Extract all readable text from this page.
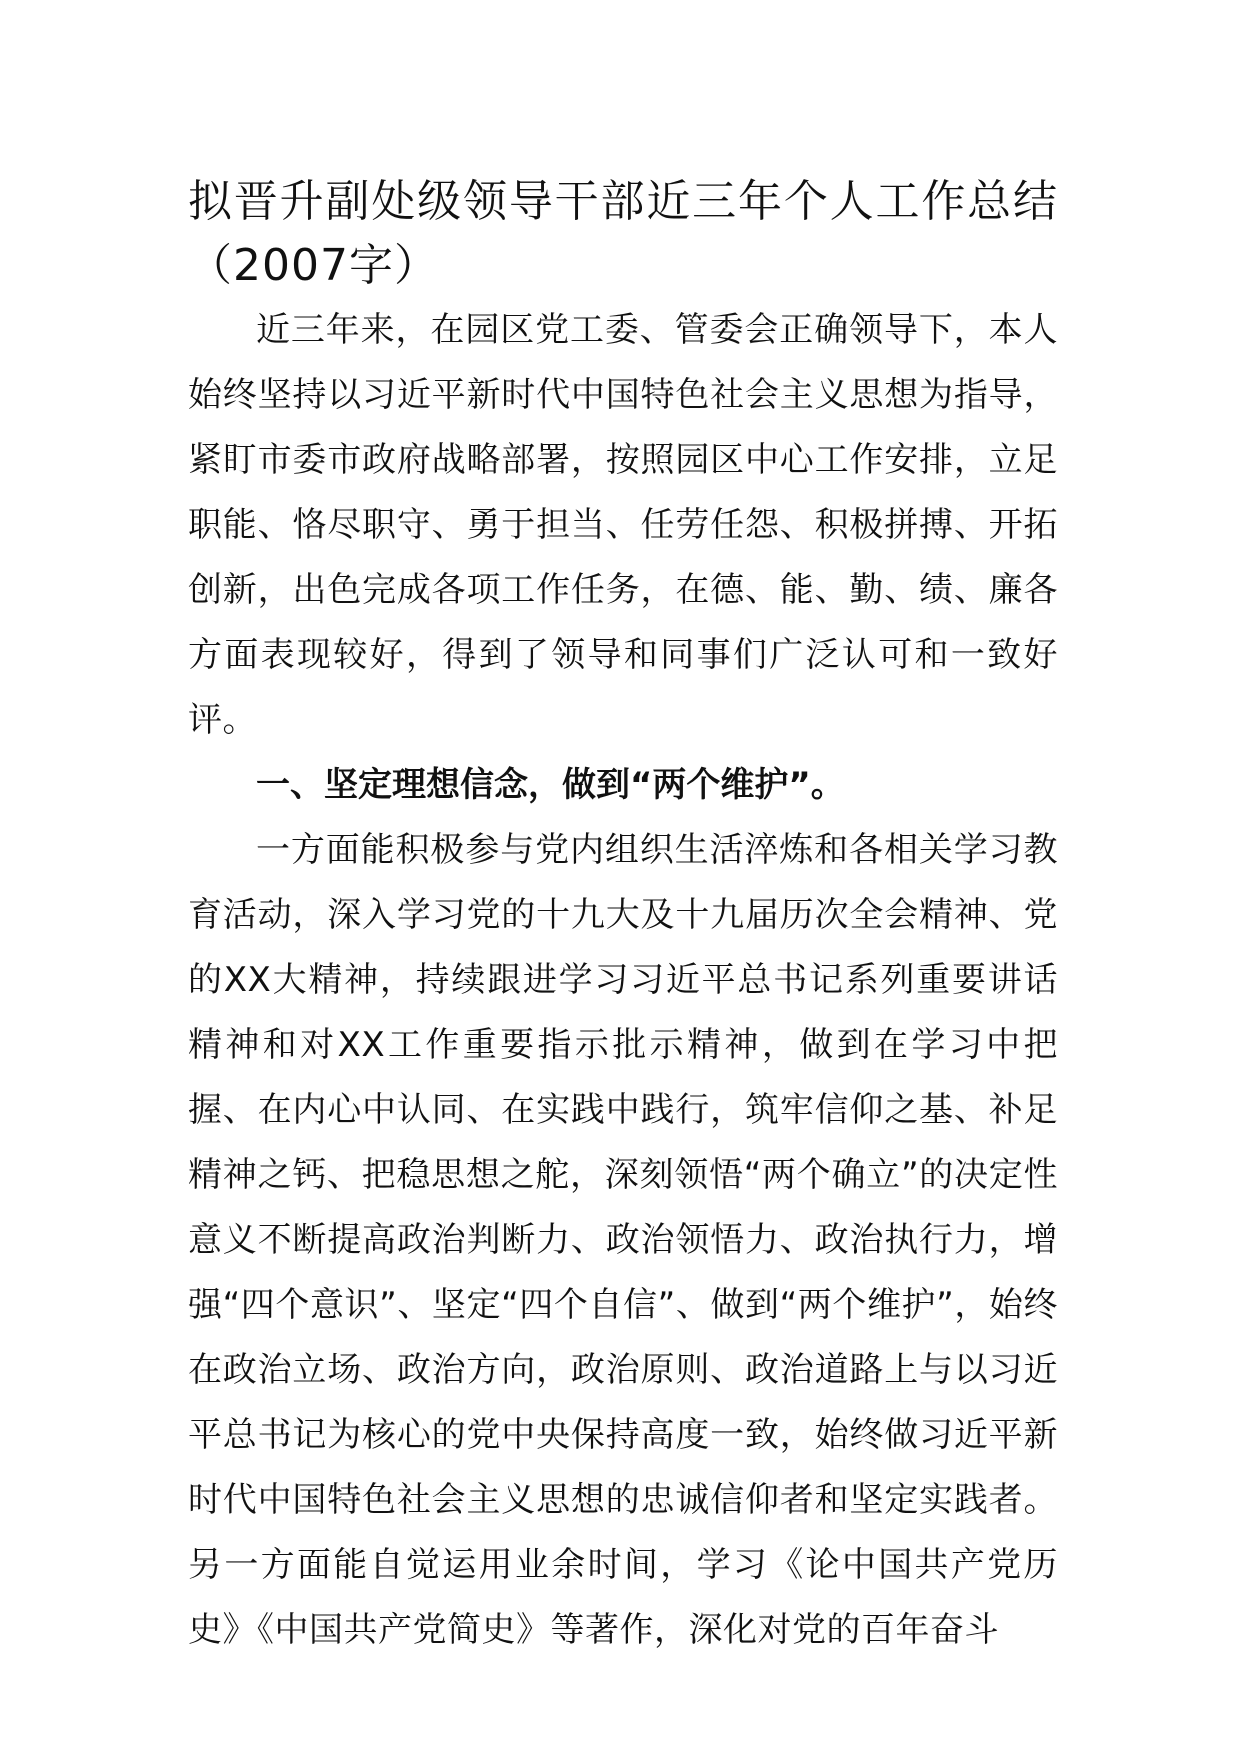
拟晋升副处级领导干部近三年个人工作总结（2007字）

近三年来，在园区党工委、管委会正确领导下，本人始终坚持以习近平新时代中国特色社会主义思想为指导，紧盯市委市政府战略部署，按照园区中心工作安排，立足职能、恪尽职守、勇于担当、任劳任怨、积极拼搏、开拓创新，出色完成各项工作任务，在德、能、勤、绩、廉各方面表现较好，得到了领导和同事们广泛认可和一致好评。

一、坚定理想信念，做到“两个维护”。

一方面能积极参与党内组织生活淬炼和各相关学习教育活动，深入学习党的十九大及十九届历次全会精神、党的XX大精神，持续跟进学习习近平总书记系列重要讲话精神和对XX工作重要指示批示精神，做到在学习中把握、在内心中认同、在实践中践行，筑牢信仰之基、补足精神之钙、把稳思想之舵，深刻领悟“两个确立”的决定性意义不断提高政治判断力、政治领悟力、政治执行力，增强“四个意识”、坚定“四个自信”、做到“两个维护”，始终在政治立场、政治方向，政治原则、政治道路上与以习近平总书记为核心的党中央保持高度一致，始终做习近平新时代中国特色社会主义思想的忠诚信仰者和坚定实践者。另一方面能自觉运用业余时间，学习《论中国共产党历史》《中国共产党简史》等著作，深化对党的百年奋斗
